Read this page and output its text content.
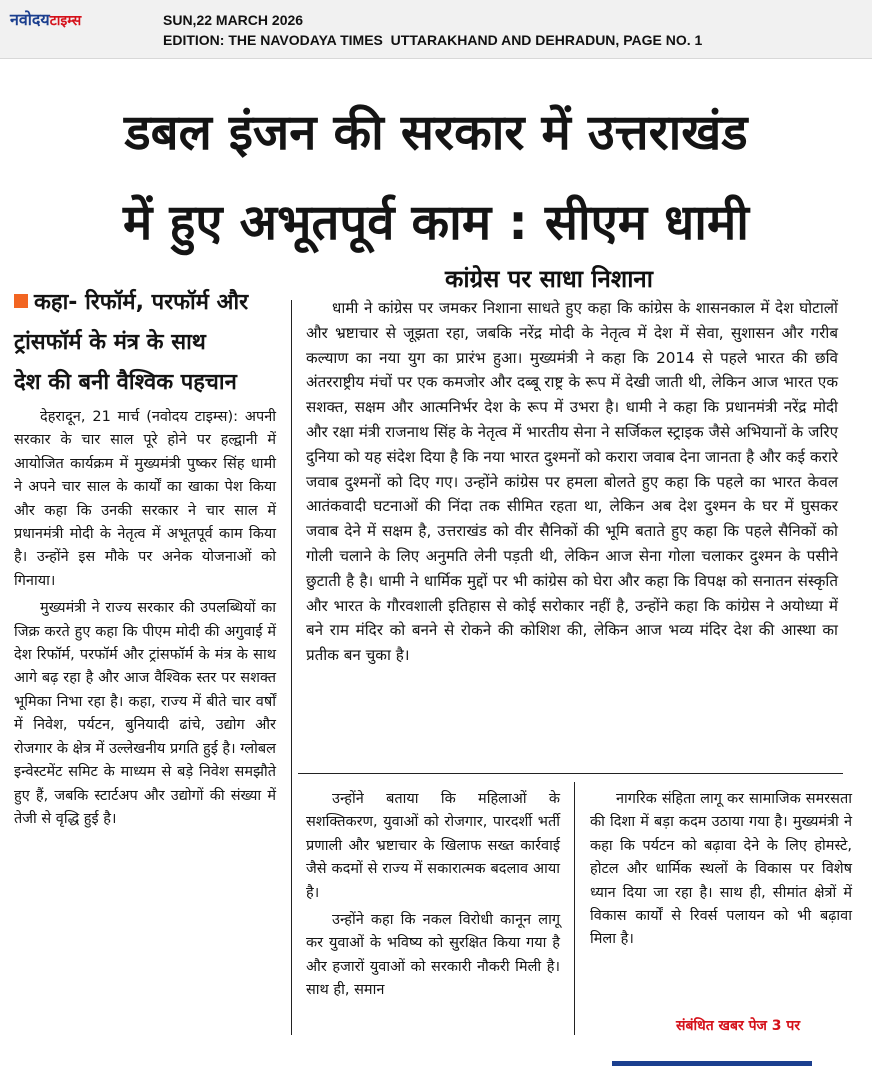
नवोदयटाइम्स	SUN,22 MARCH 2026
EDITION: THE NAVODAYA TIMES  UTTARAKHAND AND DEHRADUN, PAGE NO. 1
डबल इंजन की सरकार में उत्तराखंड
में हुए अभूतपूर्व काम : सीएम धामी
कांग्रेस पर साधा निशाना
कहा- रिफॉर्म, परफॉर्म और
ट्रांसफॉर्म के मंत्र के साथ
देश की बनी वैश्विक पहचान

देहरादून, 21 मार्च (नवोदय टाइम्स): अपनी सरकार के चार साल पूरे होने पर हल्द्वानी में आयोजित कार्यक्रम में मुख्यमंत्री पुष्कर सिंह धामी ने अपने चार साल के कार्यों का खाका पेश किया और कहा कि उनकी सरकार ने चार साल में प्रधानमंत्री मोदी के नेतृत्व में अभूतपूर्व काम किया है। उन्होंने इस मौके पर अनेक योजनाओं को गिनाया।

मुख्यमंत्री ने राज्य सरकार की उपलब्धियों का जिक्र करते हुए कहा कि पीएम मोदी की अगुवाई में देश रिफॉर्म, परफॉर्म और ट्रांसफॉर्म के मंत्र के साथ आगे बढ़ रहा है और आज वैश्विक स्तर पर सशक्त भूमिका निभा रहा है। कहा, राज्य में बीते चार वर्षों में निवेश, पर्यटन, बुनियादी ढांचे, उद्योग और रोजगार के क्षेत्र में उल्लेखनीय प्रगति हुई है। ग्लोबल इन्वेस्टमेंट समिट के माध्यम से बड़े निवेश समझौते हुए हैं, जबकि स्टार्टअप और उद्योगों की संख्या में तेजी से वृद्धि हुई है।

धामी ने कांग्रेस पर जमकर निशाना साधते हुए कहा कि कांग्रेस के शासनकाल में देश घोटालों और भ्रष्टाचार से जूझता रहा, जबकि नरेंद्र मोदी के नेतृत्व में देश में सेवा, सुशासन और गरीब कल्याण का नया युग का प्रारंभ हुआ। मुख्यमंत्री ने कहा कि 2014 से पहले भारत की छवि अंतरराष्ट्रीय मंचों पर एक कमजोर और दब्बू राष्ट्र के रूप में देखी जाती थी, लेकिन आज भारत एक सशक्त, सक्षम और आत्मनिर्भर देश के रूप में उभरा है। धामी ने कहा कि प्रधानमंत्री नरेंद्र मोदी और रक्षा मंत्री राजनाथ सिंह के नेतृत्व में भारतीय सेना ने सर्जिकल स्ट्राइक जैसे अभियानों के जरिए दुनिया को यह संदेश दिया है कि नया भारत दुश्मनों को करारा जवाब देना जानता है और कई करारे जवाब दुश्मनों को दिए गए। उन्होंने कांग्रेस पर हमला बोलते हुए कहा कि पहले का भारत केवल आतंकवादी घटनाओं की निंदा तक सीमित रहता था, लेकिन अब देश दुश्मन के घर में घुसकर जवाब देने में सक्षम है, उत्तराखंड को वीर सैनिकों की भूमि बताते हुए कहा कि पहले सैनिकों को गोली चलाने के लिए अनुमति लेनी पड़ती थी, लेकिन आज सेना गोला चलाकर दुश्मन के पसीने छुटाती है है। धामी ने धार्मिक मुद्दों पर भी कांग्रेस को घेरा और कहा कि विपक्ष को सनातन संस्कृति और भारत के गौरवशाली इतिहास से कोई सरोकार नहीं है, उन्होंने कहा कि कांग्रेस ने अयोध्या में बने राम मंदिर को बनने से रोकने की कोशिश की, लेकिन आज भव्य मंदिर देश की आस्था का प्रतीक बन चुका है।

उन्होंने बताया कि महिलाओं के सशक्तिकरण, युवाओं को रोजगार, पारदर्शी भर्ती प्रणाली और भ्रष्टाचार के खिलाफ सख्त कार्रवाई जैसे कदमों से राज्य में सकारात्मक बदलाव आया है।

उन्होंने कहा कि नकल विरोधी कानून लागू कर युवाओं के भविष्य को सुरक्षित किया गया है और हजारों युवाओं को सरकारी नौकरी मिली है। साथ ही, समान

नागरिक संहिता लागू कर सामाजिक समरसता की दिशा में बड़ा कदम उठाया गया है। मुख्यमंत्री ने कहा कि पर्यटन को बढ़ावा देने के लिए होमस्टे, होटल और धार्मिक स्थलों के विकास पर विशेष ध्यान दिया जा रहा है। साथ ही, सीमांत क्षेत्रों में विकास कार्यों से रिवर्स पलायन को भी बढ़ावा मिला है।

संबंधित खबर पेज 3 पर
